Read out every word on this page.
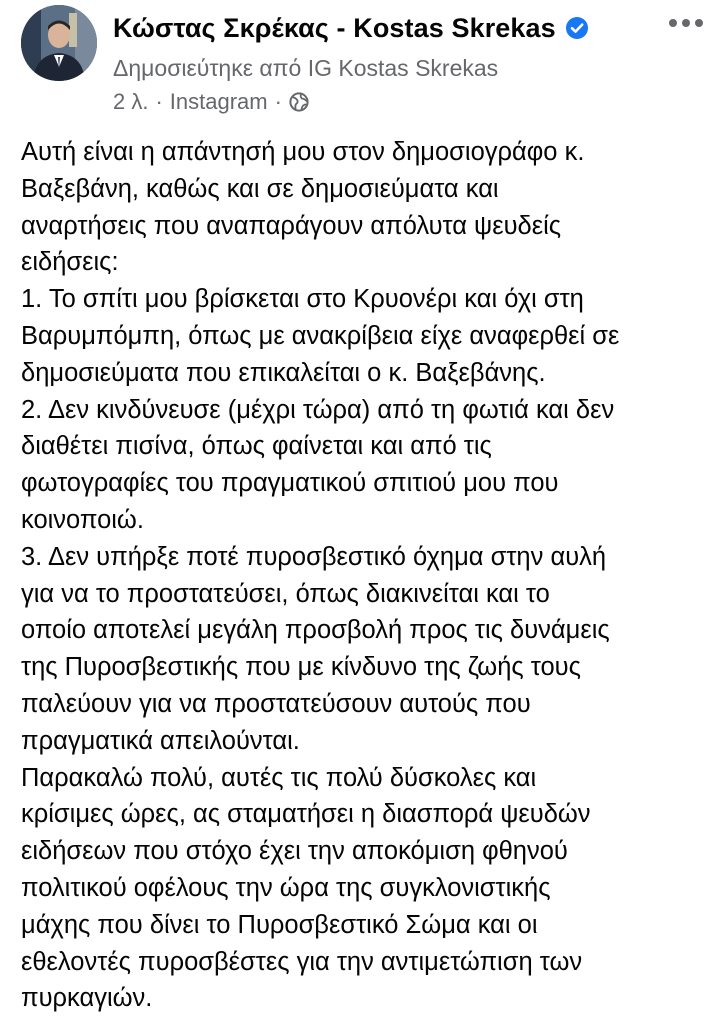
Κώστας Σκρέκας - Kostas Skrekas
Δημοσιεύτηκε από IG Kostas Skrekas
2 λ. · Instagram ·
Αυτή είναι η απάντησή μου στον δημοσιογράφο κ.
Βαξεβάνη, καθώς και σε δημοσιεύματα και
αναρτήσεις που αναπαράγουν απόλυτα ψευδείς
ειδήσεις:
1. Το σπίτι μου βρίσκεται στο Κρυονέρι και όχι στη
Βαρυμπόμπη, όπως με ανακρίβεια είχε αναφερθεί σε
δημοσιεύματα που επικαλείται ο κ. Βαξεβάνης.
2. Δεν κινδύνευσε (μέχρι τώρα) από τη φωτιά και δεν
διαθέτει πισίνα, όπως φαίνεται και από τις
φωτογραφίες του πραγματικού σπιτιού μου που
κοινοποιώ.
3. Δεν υπήρξε ποτέ πυροσβεστικό όχημα στην αυλή
για να το προστατεύσει, όπως διακινείται και το
οποίο αποτελεί μεγάλη προσβολή προς τις δυνάμεις
της Πυροσβεστικής που με κίνδυνο της ζωής τους
παλεύουν για να προστατεύσουν αυτούς που
πραγματικά απειλούνται.
Παρακαλώ πολύ, αυτές τις πολύ δύσκολες και
κρίσιμες ώρες, ας σταματήσει η διασπορά ψευδών
ειδήσεων που στόχο έχει την αποκόμιση φθηνού
πολιτικού οφέλους την ώρα της συγκλονιστικής
μάχης που δίνει το Πυροσβεστικό Σώμα και οι
εθελοντές πυροσβέστες για την αντιμετώπιση των
πυρκαγιών.
